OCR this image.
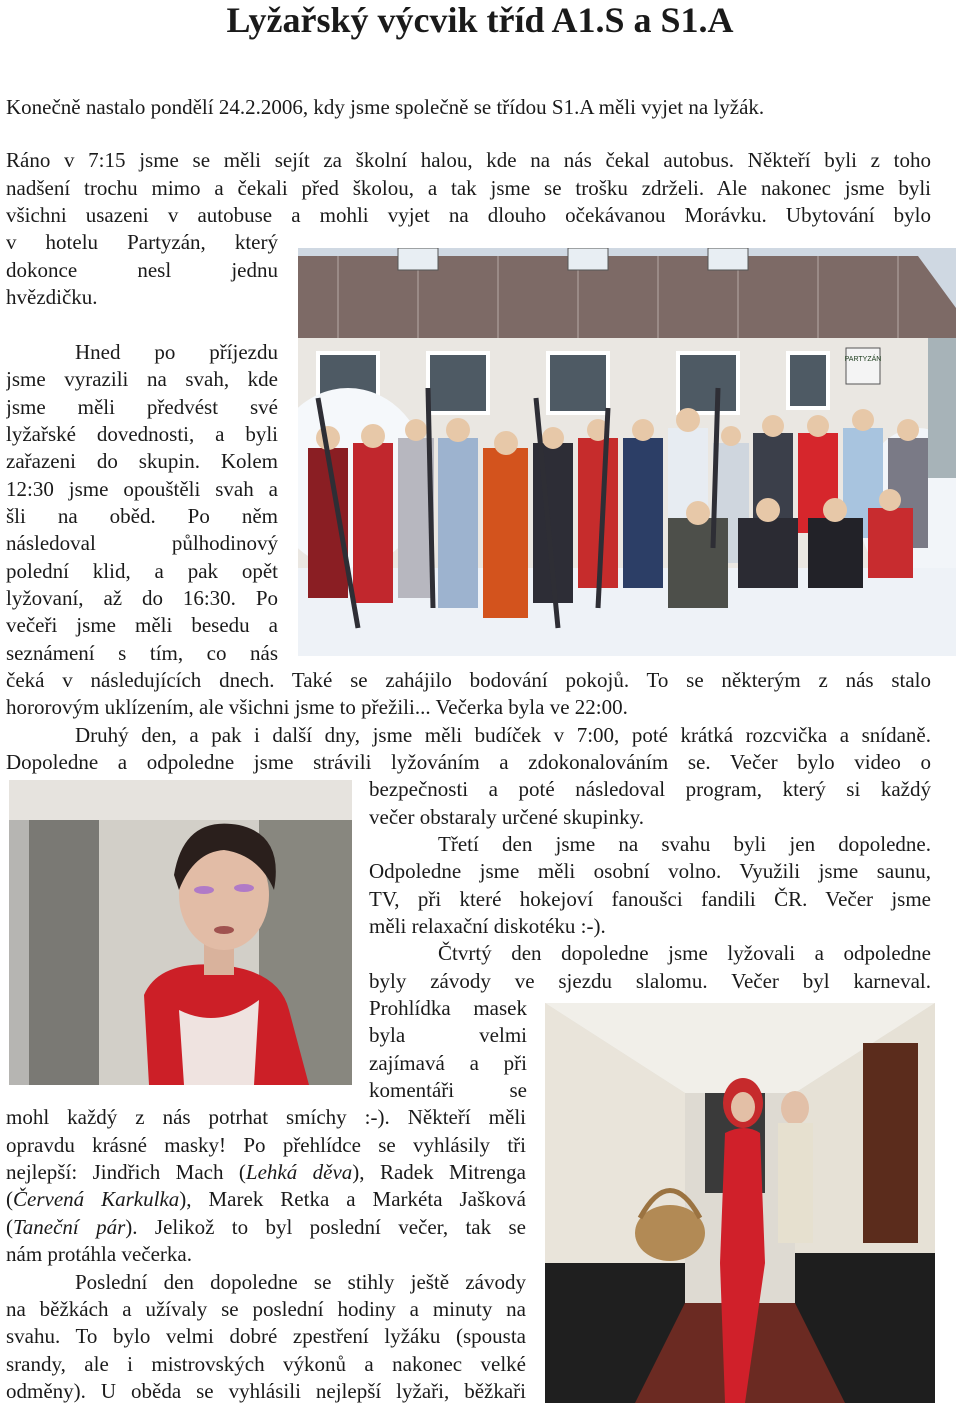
Lyžařský výcvik tříd A1.S a S1.A
Konečně nastalo pondělí 24.2.2006, kdy jsme společně se třídou S1.A měli vyjet na lyžák.
Ráno v 7:15 jsme se měli sejít za školní halou, kde na nás čekal autobus. Někteří byli z toho
nadšení trochu mimo a čekali před školou, a tak jsme se trošku zdrželi. Ale nakonec jsme byli
všichni usazeni v autobuse a mohli vyjet na dlouho očekávanou Morávku. Ubytování bylo
v hotelu Partyzán, který
dokonce nesl jednu
hvězdičku.
Hned po příjezdu
jsme vyrazili na svah, kde
jsme měli předvést své
lyžařské dovednosti, a byli
zařazeni do skupin. Kolem
12:30 jsme opouštěli svah a
šli na oběd. Po něm
následoval půlhodinový
polední klid, a pak opět
lyžovaní, až do 16:30. Po
večeři jsme měli besedu a
seznámení s tím, co nás
čeká v následujících dnech. Také se zahájilo bodování pokojů. To se některým z nás stalo
hororovým uklízením, ale všichni jsme to přežili... Večerka byla ve 22:00.
Druhý den, a pak i další dny, jsme měli budíček v 7:00, poté krátká rozcvička a snídaně.
Dopoledne a odpoledne jsme strávili lyžováním a zdokonalováním se. Večer bylo video o
bezpečnosti a poté následoval program, který si každý
večer obstaraly určené skupinky.
Třetí den jsme na svahu byli jen dopoledne.
Odpoledne jsme měli osobní volno. Využili jsme saunu,
TV, při které hokejoví fanoušci fandili ČR. Večer jsme
měli relaxační diskotéku :-).
Čtvrtý den dopoledne jsme lyžovali a odpoledne
byly závody ve sjezdu slalomu. Večer byl karneval.
Prohlídka masek
byla velmi
zajímavá a při
komentáři se
mohl každý z nás potrhat smíchy :-). Někteří měli
opravdu krásné masky! Po přehlídce se vyhlásily tři
nejlepší: Jindřich Mach (Lehká děva), Radek Mitrenga
(Červená Karkulka), Marek Retka a Markéta Jašková
(Taneční pár). Jelikož to byl poslední večer, tak se
nám protáhla večerka.
Poslední den dopoledne se stihly ještě závody
na běžkách a užívaly se poslední hodiny a minuty na
svahu. To bylo velmi dobré zpestření lyžáku (spousta
srandy, ale i mistrovských výkonů a nakonec velké
odměny). U oběda se vyhlásili nejlepší lyžaři, běžkaři
PARTYZÁN
